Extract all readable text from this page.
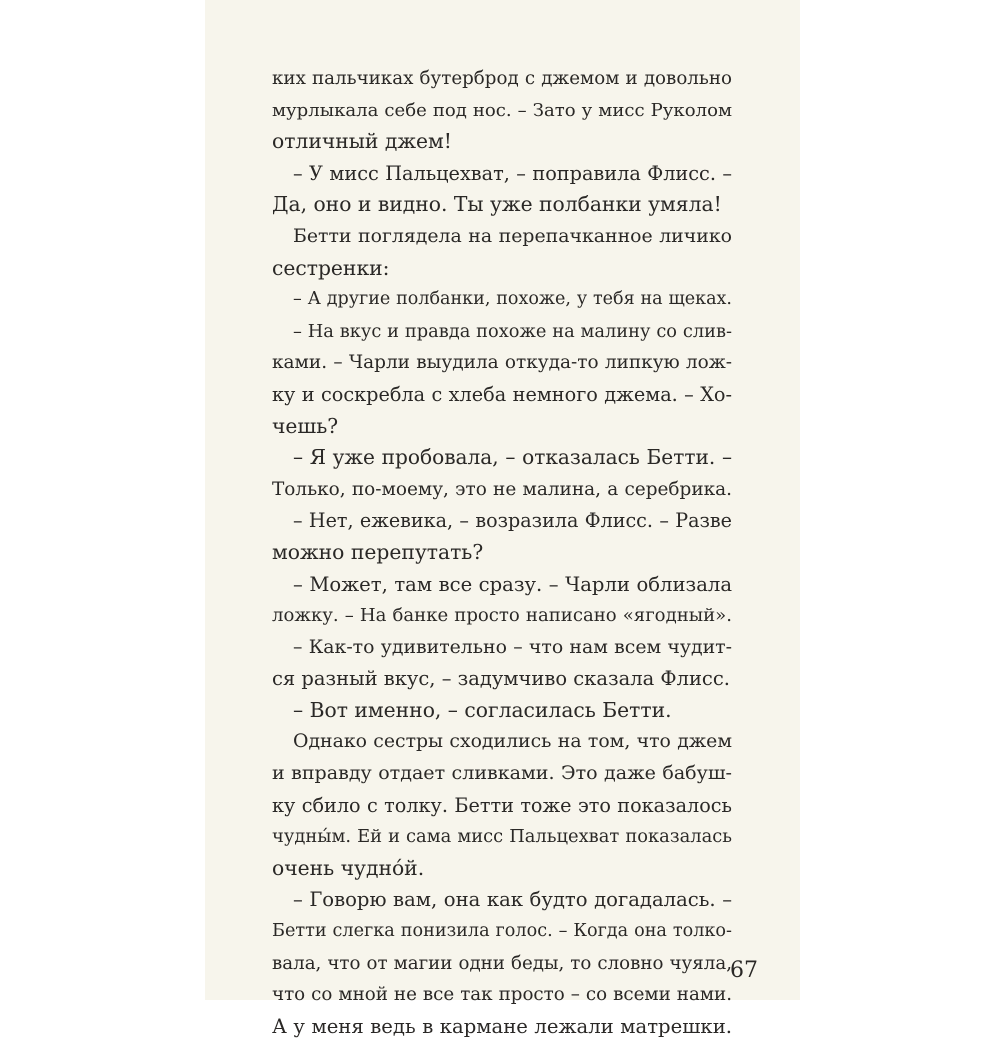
ких пальчиках бутерброд с джемом и довольно
мурлыкала себе под нос. – Зато у мисс Руколом
отличный джем!
– У мисс Пальцехват, – поправила Флисс. –
Да, оно и видно. Ты уже полбанки умяла!
Бетти поглядела на перепачканное личико
сестренки:
– А другие полбанки, похоже, у тебя на щеках.
– На вкус и правда похоже на малину со слив-
ками. – Чарли выудила откуда-то липкую лож-
ку и соскребла с хлеба немного джема. – Хо-
чешь?
– Я уже пробовала, – отказалась Бетти. –
Только, по-моему, это не малина, а серебрика.
– Нет, ежевика, – возразила Флисс. – Разве
можно перепутать?
– Может, там все сразу. – Чарли облизала
ложку. – На банке просто написано «ягодный».
– Как-то удивительно – что нам всем чудит-
ся разный вкус, – задумчиво сказала Флисс.
– Вот именно, – согласилась Бетти.
Однако сестры сходились на том, что джем
и вправду отдает сливками. Это даже бабуш-
ку сбило с толку. Бетти тоже это показалось
чудны́м. Ей и сама мисс Пальцехват показалась
очень чудно́й.
– Говорю вам, она как будто догадалась. –
Бетти слегка понизила голос. – Когда она толко-
вала, что от магии одни беды, то словно чуяла,
что со мной не все так просто – со всеми нами.
А у меня ведь в кармане лежали матрешки.
67
